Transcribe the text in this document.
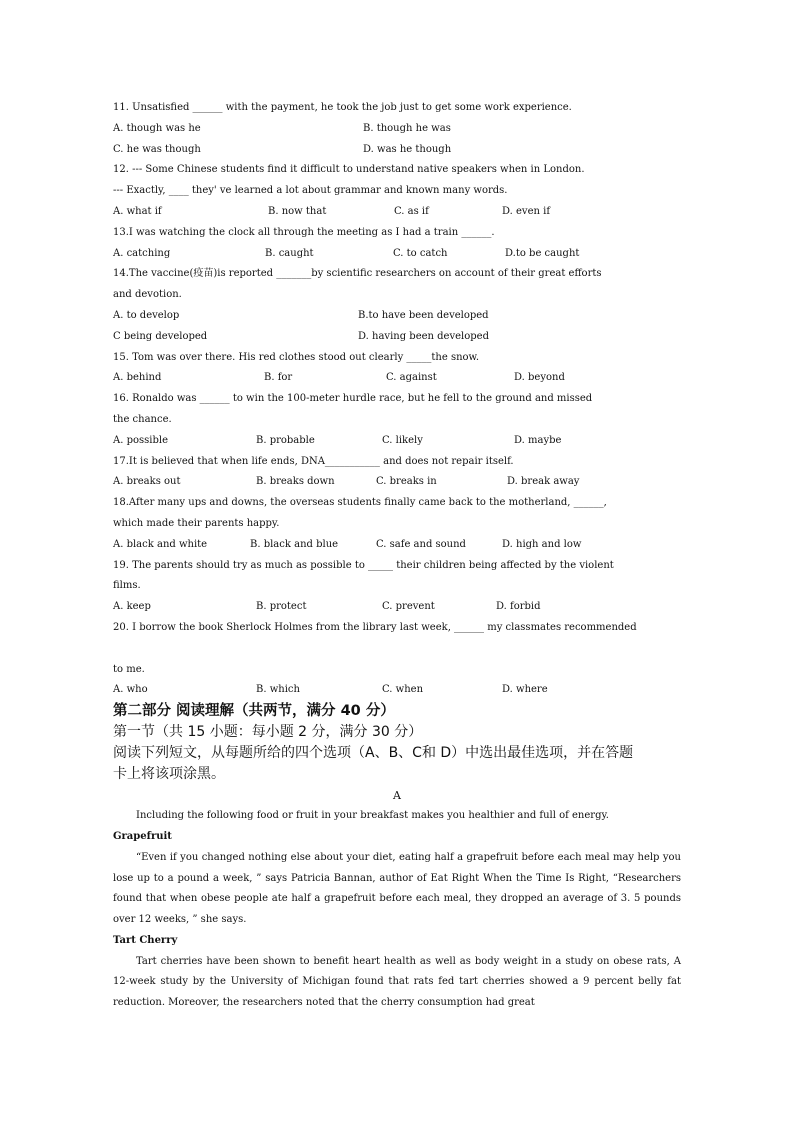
11. Unsatisfied ______ with the payment, he took the job just to get some work experience.
A. though was he	B. though he was
C. he was though	D. was he though
12. --- Some Chinese students find it difficult to understand native speakers when in London.
--- Exactly, ____ they' ve learned a lot about grammar and known many words.
A. what if	B. now that	C. as if	D. even if
13.I was watching the clock all through the meeting as I had a train ______.
A. catching	B. caught	C. to catch	D.to be caught
14.The vaccine(疫苗)is reported _______by scientific researchers on account of their great efforts
and devotion.
A. to develop	B.to have been developed
C being developed	D. having been developed
15. Tom was over there. His red clothes stood out clearly _____the snow.
A. behind	B. for	C. against	D. beyond
16. Ronaldo was ______ to win the 100-meter hurdle race, but he fell to the ground and missed
the chance.
A. possible	B. probable	C. likely	D. maybe
17.It is believed that when life ends, DNA___________ and does not repair itself.
A. breaks out	B. breaks down	C. breaks in	D. break away
18.After many ups and downs, the overseas students finally came back to the motherland, ______,
which made their parents happy.
A. black and white	B. black and blue	C. safe and sound	D. high and low
19. The parents should try as much as possible to _____ their children being affected by the violent
films.
A. keep	B. protect	C. prevent	D. forbid
20. I borrow the book Sherlock Holmes from the library last week, ______ my classmates recommended
to me.
A. who	B. which	C. when	D. where
第二部分 阅读理解（共两节，满分 40 分）
第一节（共 15 小题：每小题 2 分，满分 30 分）
阅读下列短文，从每题所给的四个选项（A、B、C和 D）中选出最佳选项，并在答题
卡上将该项涂黑。
A
Including the following food or fruit in your breakfast makes you healthier and full of energy.
Grapefruit
“Even if you changed nothing else about your diet, eating half a grapefruit before each meal may help you lose up to a pound a week, ” says Patricia Bannan, author of Eat Right When the Time Is Right, “Researchers found that when obese people ate half a grapefruit before each meal, they dropped an average of 3. 5 pounds over 12 weeks, ” she says.
Tart Cherry
Tart cherries have been shown to benefit heart health as well as body weight in a study on obese rats, A 12-week study by the University of Michigan found that rats fed tart cherries showed a 9 percent belly fat reduction. Moreover, the researchers noted that the cherry consumption had great
